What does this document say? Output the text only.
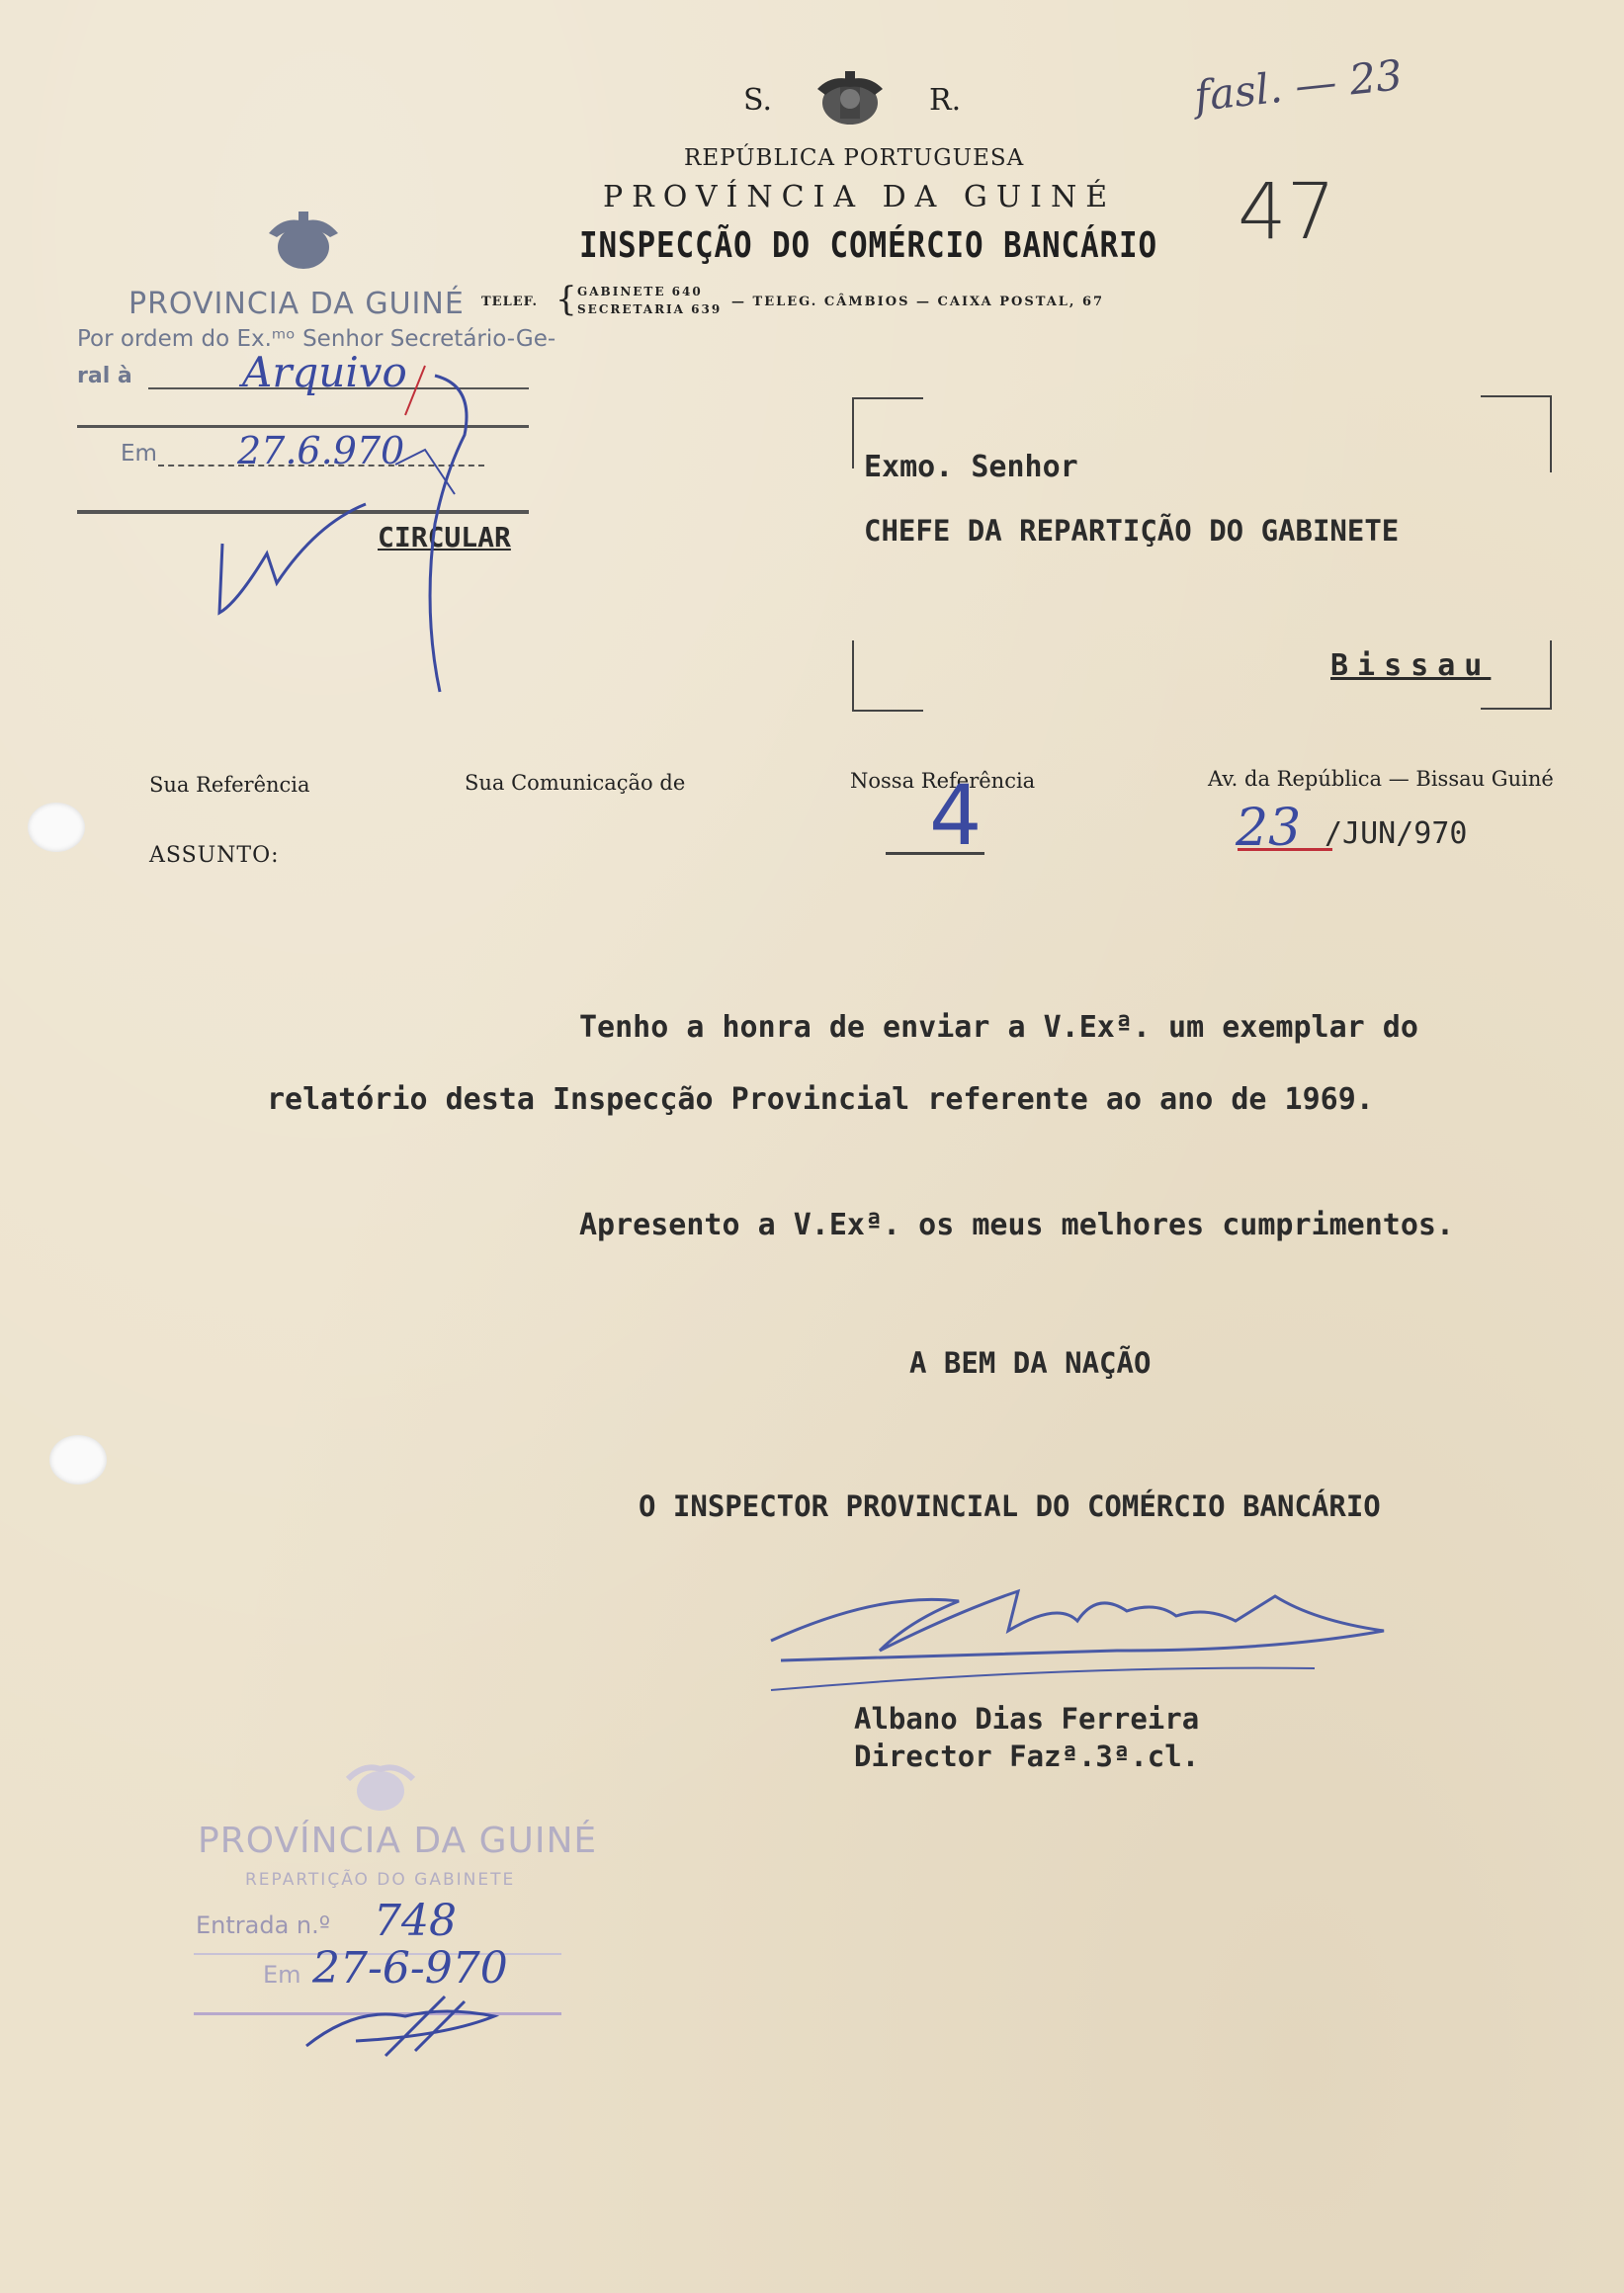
S.	R.
REPÚBLICA PORTUGUESA
PROVÍNCIA DA GUINÉ
INSPECÇÃO DO COMÉRCIO BANCÁRIO
TELEF. { GABINETE 640
SECRETARIA 639 — TELEG. CÂMBIOS — CAIXA POSTAL, 67
fasl. — 23
47
PROVINCIA DA GUINÉ
Por ordem do Ex.ᵐᵒ Senhor Secretário-Ge-
ral à	Arquivo
Em 27.6.970
CIRCULAR
Exmo. Senhor
CHEFE DA REPARTIÇÃO DO GABINETE
Bissau
Sua Referência	Sua Comunicação de	Nossa Referência
4	Av. da República — Bissau Guiné
23 /JUN/970
ASSUNTO:
Tenho a honra de enviar a V.Exª. um exemplar do
relatório desta Inspecção Provincial referente ao ano de 1969.
Apresento a V.Exª. os meus melhores cumprimentos.
A BEM DA NAÇÃO
O INSPECTOR PROVINCIAL DO COMÉRCIO BANCÁRIO
Albano Dias Ferreira
Director Fazª.3ª.cl.
PROVÍNCIA DA GUINÉ
REPARTIÇÃO DO GABINETE
Entrada n.º 748
Em 27-6-970
